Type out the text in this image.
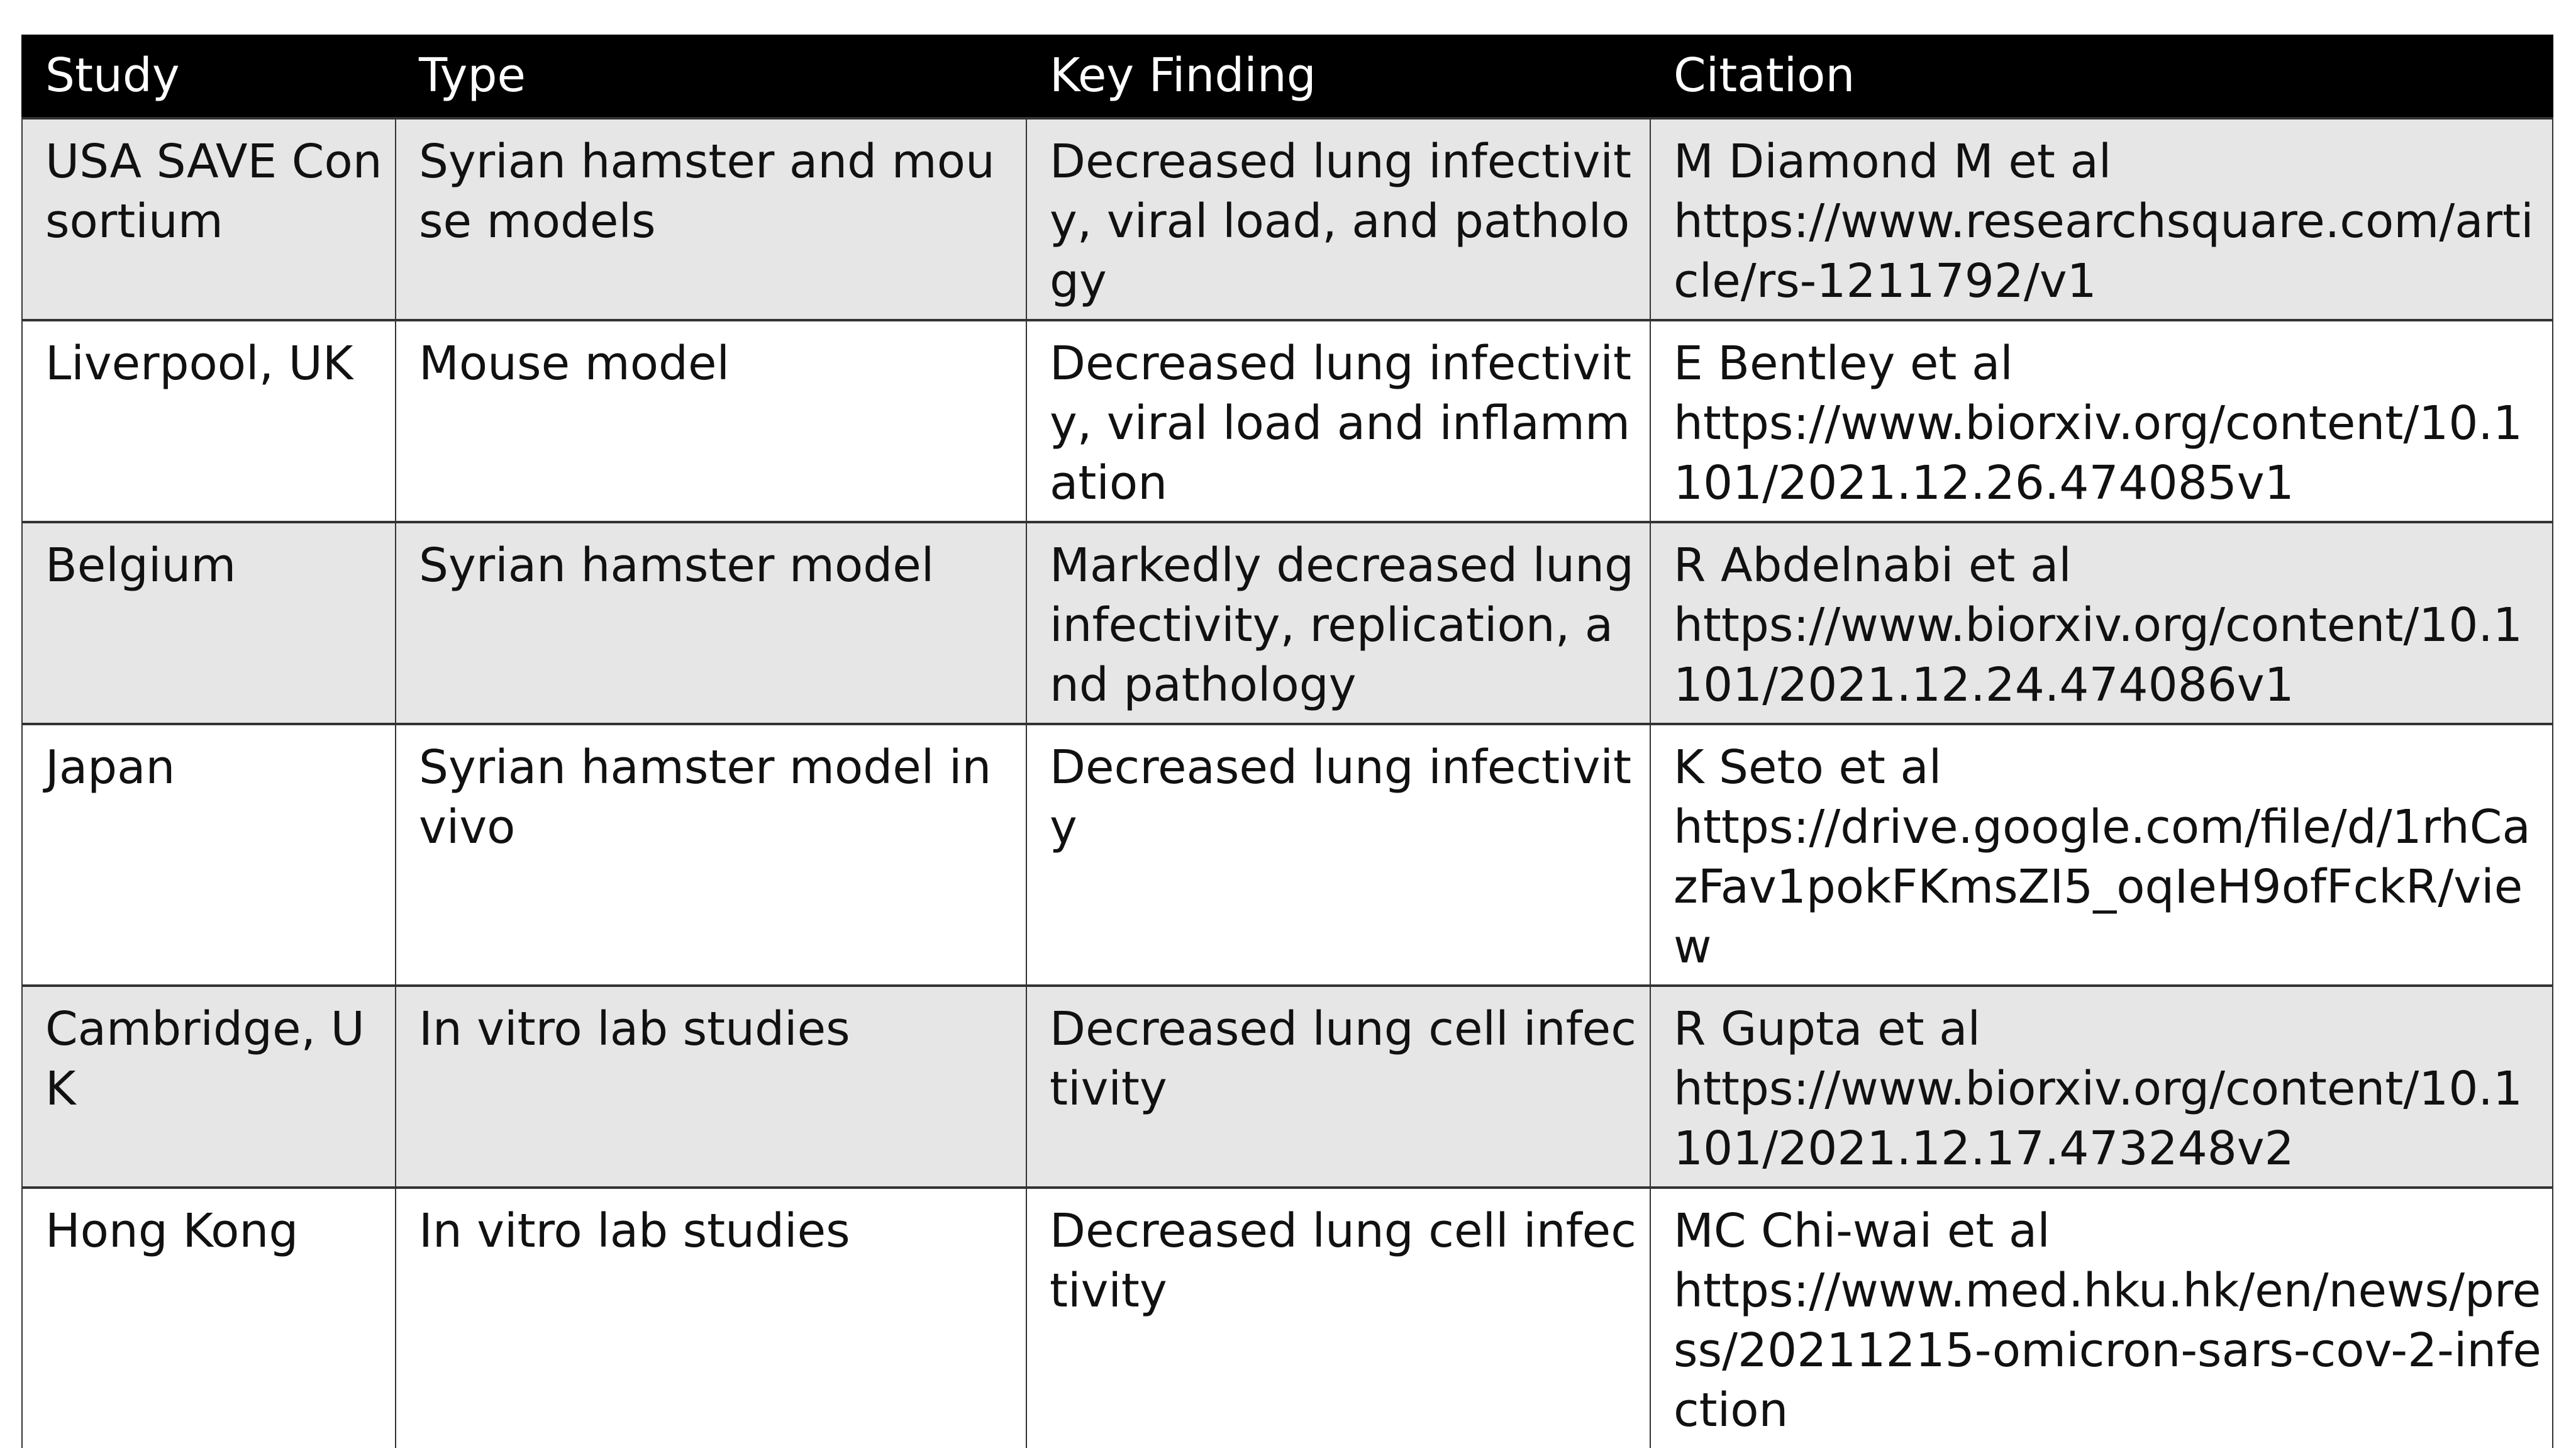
Study	Type	Key Finding	Citation

USA SAVE Consortium	Syrian hamster and mouse models	Decreased lung infectivity, viral load, and pathology	M Diamond M et al
https://www.researchsquare.com/article/rs-1211792/v1

Liverpool, UK	Mouse model	Decreased lung infectivity, viral load and inflammation	E Bentley et al
https://www.biorxiv.org/content/10.1101/2021.12.26.474085v1

Belgium	Syrian hamster model	Markedly decreased lung infectivity, replication, and pathology	R Abdelnabi et al
https://www.biorxiv.org/content/10.1101/2021.12.24.474086v1

Japan	Syrian hamster model in vivo	Decreased lung infectivity	K Seto et al
https://drive.google.com/file/d/1rhCazFav1pokFKmsZI5_oqIeH9ofFckR/view

Cambridge, UK	In vitro lab studies	Decreased lung cell infectivity	R Gupta et al
https://www.biorxiv.org/content/10.1101/2021.12.17.473248v2

Hong Kong	In vitro lab studies	Decreased lung cell infectivity	MC Chi-wai et al
https://www.med.hku.hk/en/news/press/20211215-omicron-sars-cov-2-infection
